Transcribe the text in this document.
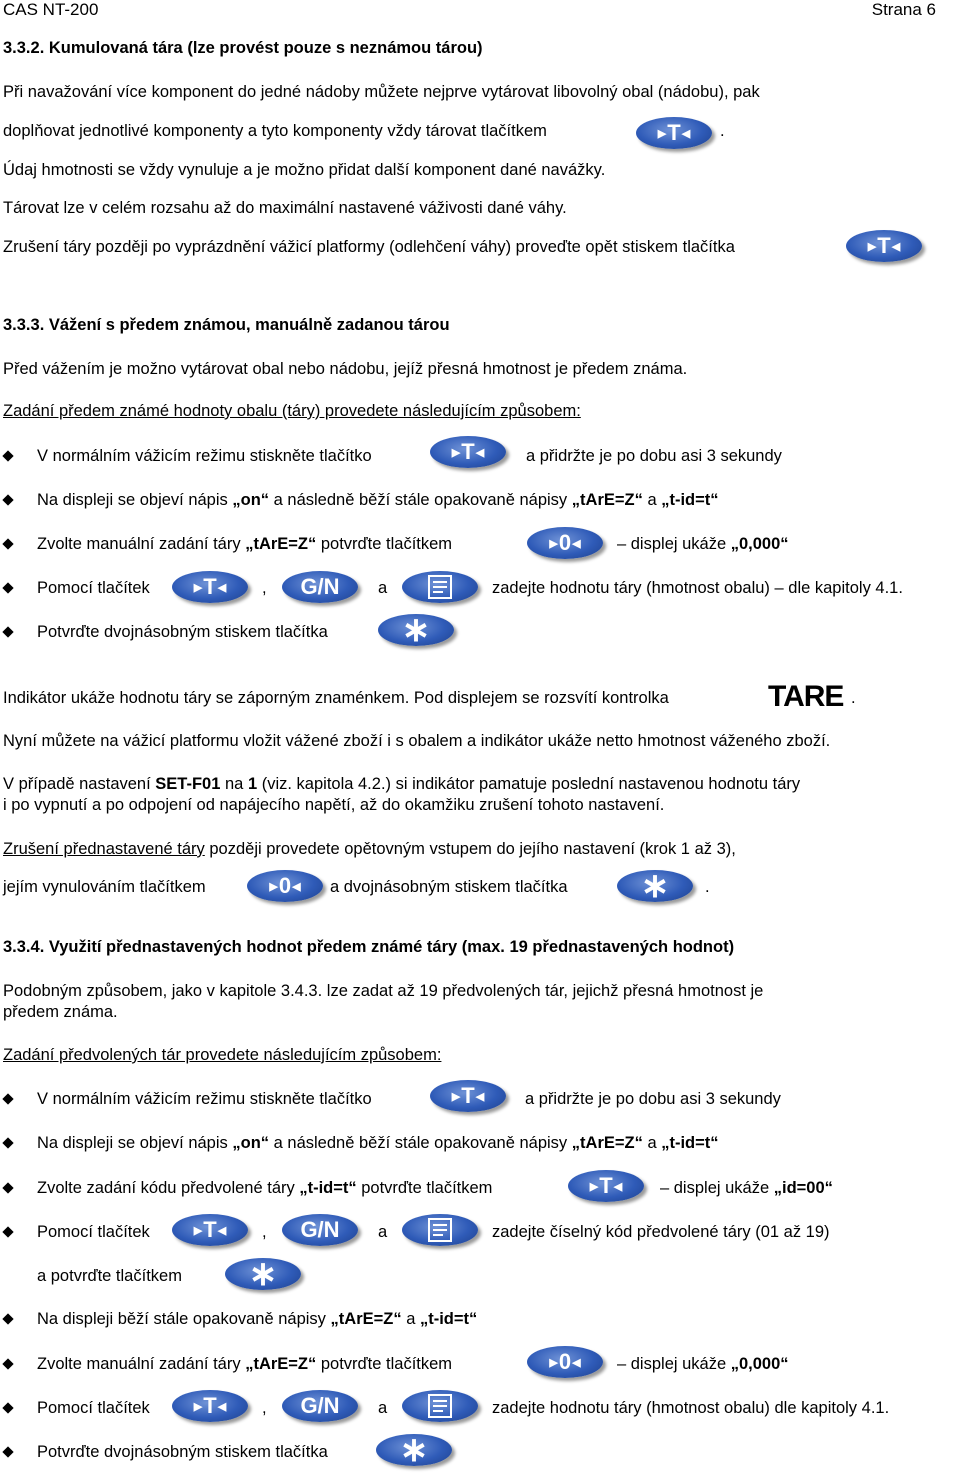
CAS NT-200	Strana 6
3.3.2. Kumulovaná tára (lze provést pouze s neznámou tárou)
Při navažování více komponent do jedné nádoby můžete nejprve vytárovat libovolný obal (nádobu), pak
doplňovat jednotlivé komponenty a tyto komponenty vždy tárovat tlačítkem	▶ T ◀ .
Údaj hmotnosti se vždy vynuluje a je možno přidat další komponent dané navážky.
Tárovat lze v celém rozsahu až do maximální nastavené váživosti dané váhy.
Zrušení táry později po vyprázdnění vážicí platformy (odlehčení váhy) proveďte opět stiskem tlačítka	▶ T ◀
3.3.3. Vážení s předem známou, manuálně zadanou tárou
Před vážením je možno vytárovat obal nebo nádobu, jejíž přesná hmotnost je předem známa.
Zadání předem známé hodnoty obalu (táry) provedete následujícím způsobem:
V normálním vážicím režimu stiskněte tlačítko	▶ T ◀	a přidržte je po dobu asi 3 sekundy
Na displeji se objeví nápis „on“ a následně běží stále opakovaně nápisy „tArE=Z“ a „t-id=t“
Zvolte manuální zadání táry „tArE=Z“ potvrďte tlačítkem	▶ 0 ◀ – displej ukáže „0,000“
Pomocí tlačítek	▶ T ◀ , G/N a	zadejte hodnotu táry (hmotnost obalu) – dle kapitoly 4.1.
Potvrďte dvojnásobným stiskem tlačítka ∗
Indikátor ukáže hodnotu táry se záporným znaménkem. Pod displejem se rozsvítí kontrolka	TARE .
Nyní můžete na vážicí platformu vložit vážené zboží i s obalem a indikátor ukáže netto hmotnost váženého zboží.
V případě nastavení SET-F01 na 1 (viz. kapitola 4.2.) si indikátor pamatuje poslední nastavenou hodnotu táry
i po vypnutí a po odpojení od napájecího napětí, až do okamžiku zrušení tohoto nastavení.
Zrušení přednastavené táry později provedete opětovným vstupem do jejího nastavení (krok 1 až 3),
jejím vynulováním tlačítkem	▶ 0 ◀ a dvojnásobným stiskem tlačítka ∗ .
3.3.4. Využití přednastavených hodnot předem známé táry (max. 19 přednastavených hodnot)
Podobným způsobem, jako v kapitole 3.4.3. lze zadat až 19 předvolených tár, jejichž přesná hmotnost je
předem známa.
Zadání předvolených tár provedete následujícím způsobem:
V normálním vážicím režimu stiskněte tlačítko	▶ T ◀ a přidržte je po dobu asi 3 sekundy
Na displeji se objeví nápis „on“ a následně běží stále opakovaně nápisy „tArE=Z“ a „t-id=t“
Zvolte zadání kódu předvolené táry „t-id=t“ potvrďte tlačítkem	▶ T ◀ – displej ukáže „id=00“
Pomocí tlačítek	▶ T ◀ , G/N a	zadejte číselný kód předvolené táry (01 až 19)
a potvrďte tlačítkem ∗
Na displeji běží stále opakovaně nápisy „tArE=Z“ a „t-id=t“
Zvolte manuální zadání táry „tArE=Z“ potvrďte tlačítkem	▶ 0 ◀ – displej ukáže „0,000“
Pomocí tlačítek	▶ T ◀ , G/N a	zadejte hodnotu táry (hmotnost obalu) dle kapitoly 4.1.
Potvrďte dvojnásobným stiskem tlačítka ∗
